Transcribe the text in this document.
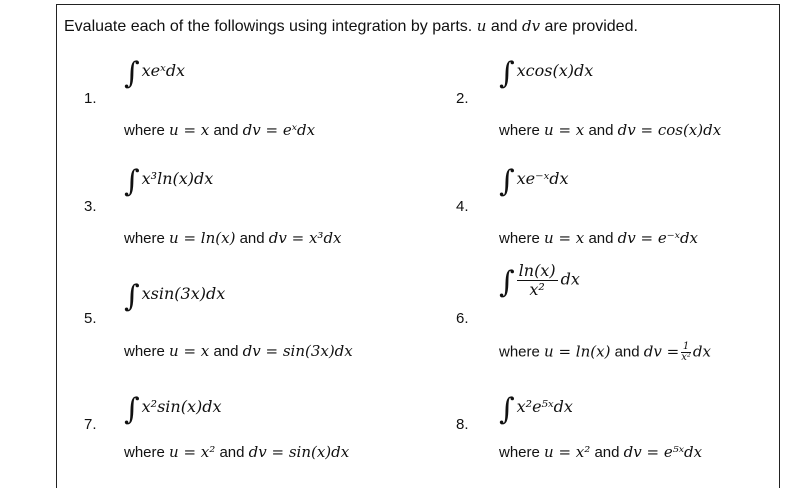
Evaluate each of the followings using integration by parts. u and dv are provided.
1.
∫ xeˣdx
where u = x and dv = eˣdx
2.
∫ xcos(x)dx
where u = x and dv = cos(x)dx
3.
∫ x³ln(x)dx
where u = ln(x) and dv = x³dx
4.
∫ xe⁻ˣdx
where u = x and dv = e⁻ˣdx
5.
∫ xsin(3x)dx
where u = x and dv = sin(3x)dx
6.
∫ $\frac{\ln(x)}{\text{x²}}$ dx
where u = ln(x) and dv = $\frac{1}{\text{x²}}$ dx
7. ∫ x²sin(x)dx
where u = x² and dv = sin(x)dx
8. ∫ x²e⁵ˣdx
where u = x² and dv = e⁵ˣdx
